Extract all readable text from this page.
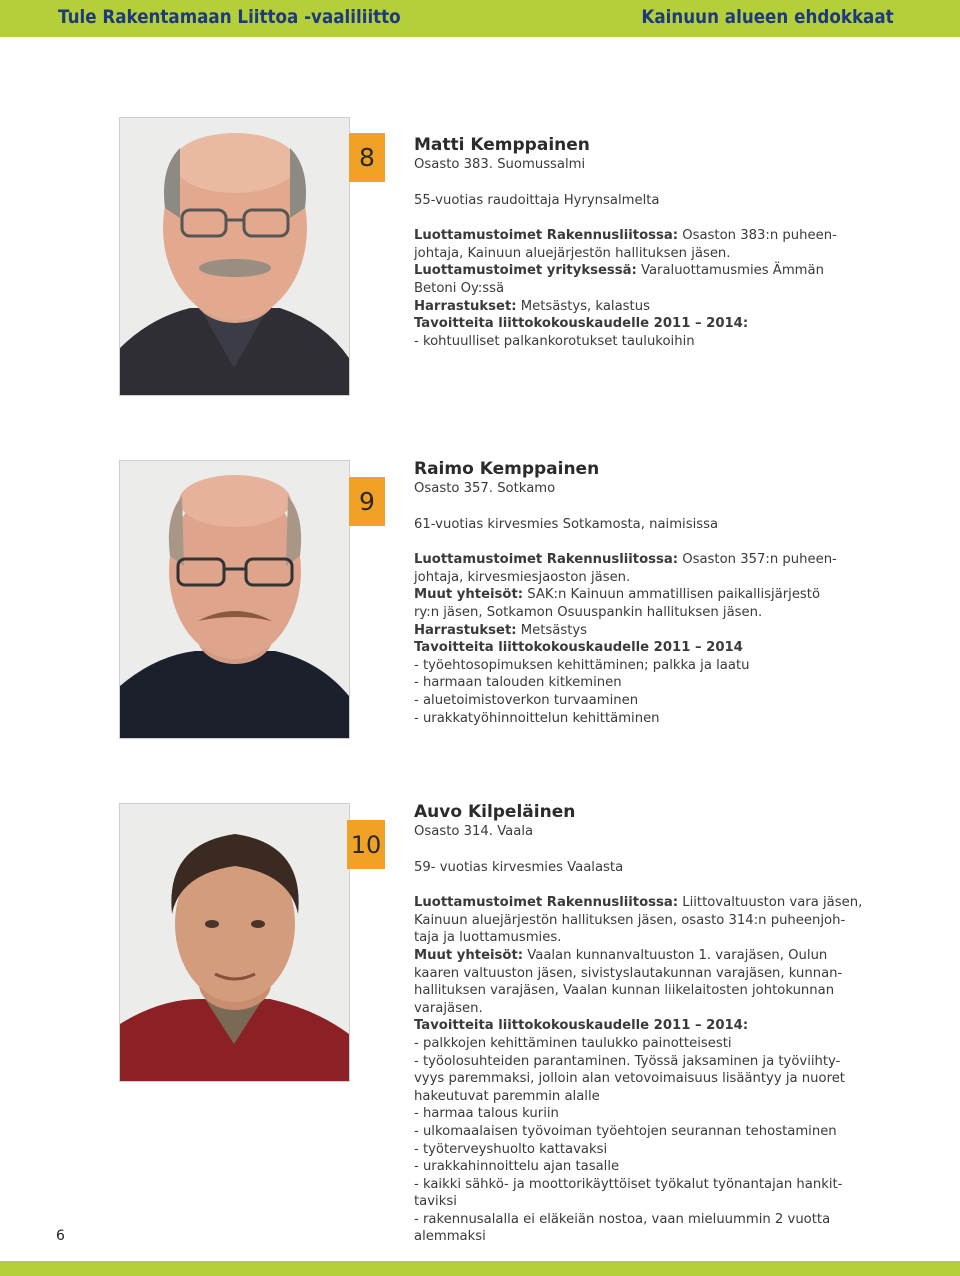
Tule Rakentamaan Liittoa -vaaliliitto	Kainuun alueen ehdokkaat
8	Matti Kemppainen
Osasto 383. Suomussalmi
55-vuotias raudoittaja Hyrynsalmelta
Luottamustoimet Rakennusliitossa: Osaston 383:n puheen-
johtaja, Kainuun aluejärjestön hallituksen jäsen.
Luottamustoimet yrityksessä: Varaluottamusmies Ämmän
Betoni Oy:ssä
Harrastukset: Metsästys, kalastus
Tavoitteita liittokokouskaudelle 2011 – 2014:
- kohtuulliset palkankorotukset taulukoihin
9
Raimo Kemppainen
Osasto 357. Sotkamo
61-vuotias kirvesmies Sotkamosta, naimisissa
Luottamustoimet Rakennusliitossa: Osaston 357:n puheen-
johtaja, kirvesmiesjaoston jäsen.
Muut yhteisöt: SAK:n Kainuun ammatillisen paikallisjärjestö
ry:n jäsen, Sotkamon Osuuspankin hallituksen jäsen.
Harrastukset: Metsästys
Tavoitteita liittokokouskaudelle 2011 – 2014
- työehtosopimuksen kehittäminen; palkka ja laatu
- harmaan talouden kitkeminen
- aluetoimistoverkon turvaaminen
- urakkatyöhinnoittelun kehittäminen
10
Auvo Kilpeläinen
Osasto 314. Vaala
59- vuotias kirvesmies Vaalasta
Luottamustoimet Rakennusliitossa: Liittovaltuuston vara jäsen,
Kainuun aluejärjestön hallituksen jäsen, osasto 314:n puheenjoh-
taja ja luottamusmies.
Muut yhteisöt: Vaalan kunnanvaltuuston 1. varajäsen, Oulun
kaaren valtuuston jäsen, sivistyslautakunnan varajäsen, kunnan-
hallituksen varajäsen, Vaalan kunnan liikelaitosten johtokunnan
varajäsen.
Tavoitteita liittokokouskaudelle 2011 – 2014:
- palkkojen kehittäminen taulukko painotteisesti
- työolosuhteiden parantaminen. Työssä jaksaminen ja työviihty-
vyys paremmaksi, jolloin alan vetovoimaisuus lisääntyy ja nuoret
hakeutuvat paremmin alalle
- harmaa talous kuriin
- ulkomaalaisen työvoiman työehtojen seurannan tehostaminen
- työterveyshuolto kattavaksi
- urakkahinnoittelu ajan tasalle
- kaikki sähkö- ja moottorikäyttöiset työkalut työnantajan hankit-
taviksi
- rakennusalalla ei eläkeiän nostoa, vaan mieluummin 2 vuotta
alemmaksi
6
